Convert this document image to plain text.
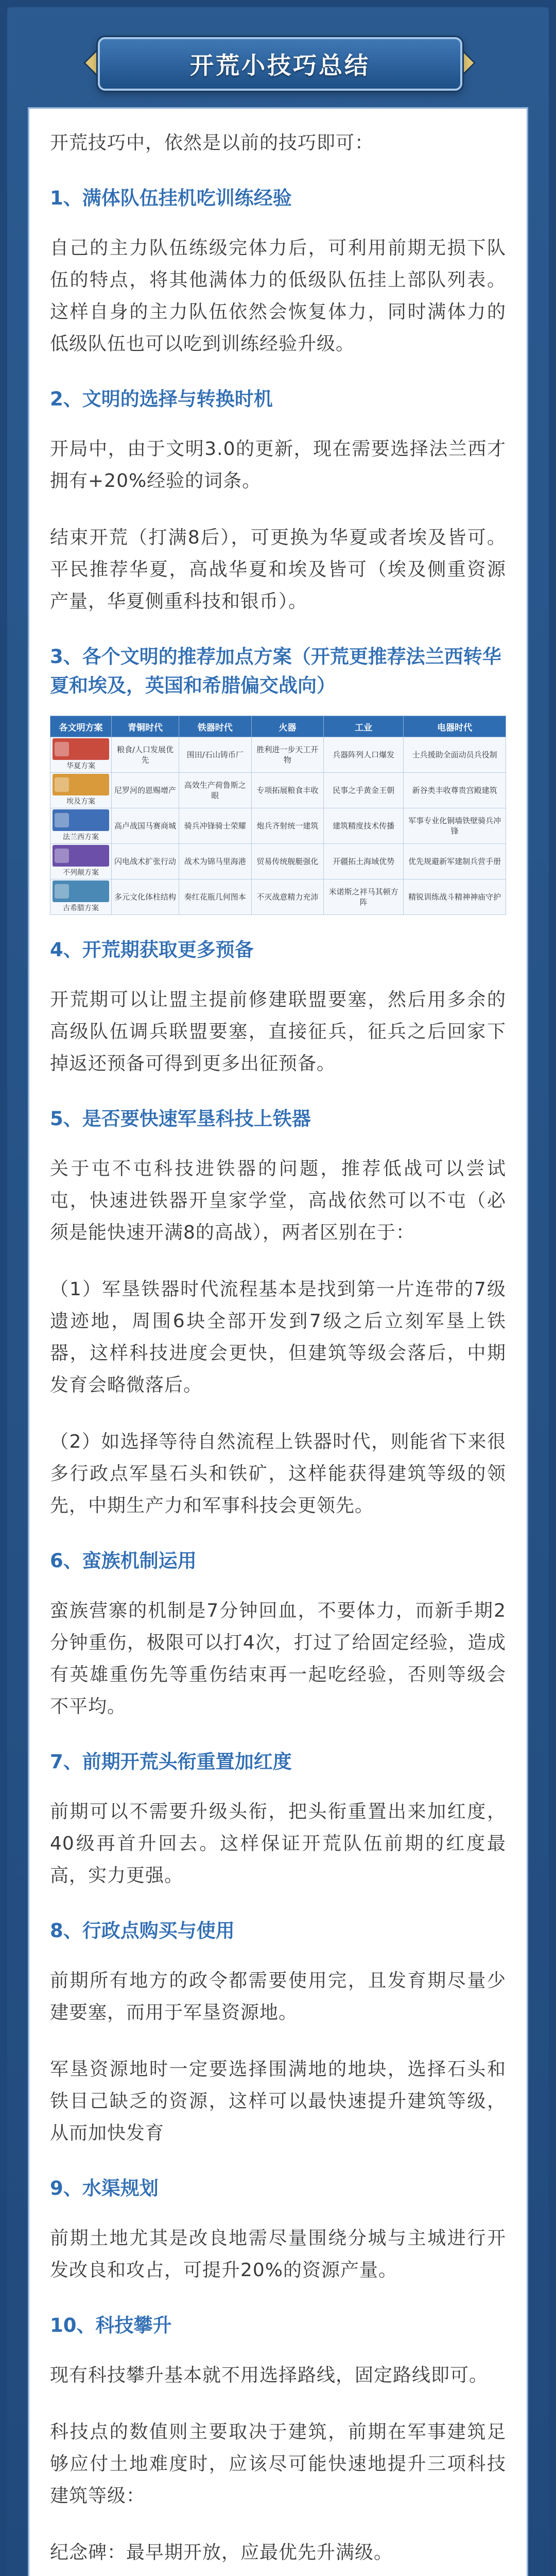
开荒小技巧总结

开荒技巧中，依然是以前的技巧即可：

1、满体队伍挂机吃训练经验

自己的主力队伍练级完体力后，可利用前期无损下队伍的特点，将其他满体力的低级队伍挂上部队列表。这样自身的主力队伍依然会恢复体力，同时满体力的低级队伍也可以吃到训练经验升级。

2、文明的选择与转换时机

开局中，由于文明3.0的更新，现在需要选择法兰西才拥有+20%经验的词条。

结束开荒（打满8后），可更换为华夏或者埃及皆可。平民推荐华夏，高战华夏和埃及皆可（埃及侧重资源产量，华夏侧重科技和银币）。

3、各个文明的推荐加点方案（开荒更推荐法兰西转华夏和埃及，英国和希腊偏交战向）
各文明方案	青铜时代	铁器时代	火器	工业	电器时代

华夏方案	粮食/人口发展优先	围田/石山铸币厂	胜利进一步天工开物	兵器阵列人口爆发	士兵援助全面动员兵役制

埃及方案	尼罗河的恩赐增产	高效生产荷鲁斯之眼	专项拓展粮食丰收	民事之手黄金王朝	新谷类丰收尊贵宫殿建筑

法兰西方案	高卢战国马赛商城	骑兵冲锋骑士荣耀	炮兵齐射统一建筑	建筑精度技术传播	军事专业化铜墙铁壁骑兵冲锋

不列颠方案	闪电战术扩张行动	战术为锦马里海港	贸易传统舰艇强化	开疆拓土海域优势	优先规避新军建制兵营手册

古希腊方案	多元文化体柱结构	奏红花瓶几何图本	不灭战意精力充沛	米诺斯之袢马其顿方阵	精锐训练战斗精神神庙守护
4、开荒期获取更多预备

开荒期可以让盟主提前修建联盟要塞，然后用多余的高级队伍调兵联盟要塞，直接征兵，征兵之后回家下掉返还预备可得到更多出征预备。

5、是否要快速军垦科技上铁器

关于屯不屯科技进铁器的问题，推荐低战可以尝试屯，快速进铁器开皇家学堂，高战依然可以不屯（必须是能快速开满8的高战），两者区别在于：

（1）军垦铁器时代流程基本是找到第一片连带的7级遗迹地，周围6块全部开发到7级之后立刻军垦上铁器，这样科技进度会更快，但建筑等级会落后，中期发育会略微落后。

（2）如选择等待自然流程上铁器时代，则能省下来很多行政点军垦石头和铁矿，这样能获得建筑等级的领先，中期生产力和军事科技会更领先。

6、蛮族机制运用

蛮族营寨的机制是7分钟回血，不要体力，而新手期2分钟重伤，极限可以打4次，打过了给固定经验，造成有英雄重伤先等重伤结束再一起吃经验，否则等级会不平均。

7、前期开荒头衔重置加红度

前期可以不需要升级头衔，把头衔重置出来加红度，40级再首升回去。这样保证开荒队伍前期的红度最高，实力更强。

8、行政点购买与使用

前期所有地方的政令都需要使用完，且发育期尽量少建要塞，而用于军垦资源地。

军垦资源地时一定要选择围满地的地块，选择石头和铁目己缺乏的资源，这样可以最快速提升建筑等级，从而加快发育

9、水渠规划

前期土地尤其是改良地需尽量围绕分城与主城进行开发改良和攻占，可提升20%的资源产量。

10、科技攀升

现有科技攀升基本就不用选择路线，固定路线即可。

科技点的数值则主要取决于建筑，前期在军事建筑足够应付土地难度时，应该尽可能快速地提升三项科技建筑等级：

纪念碑：最早期开放，应最优先升满级。
